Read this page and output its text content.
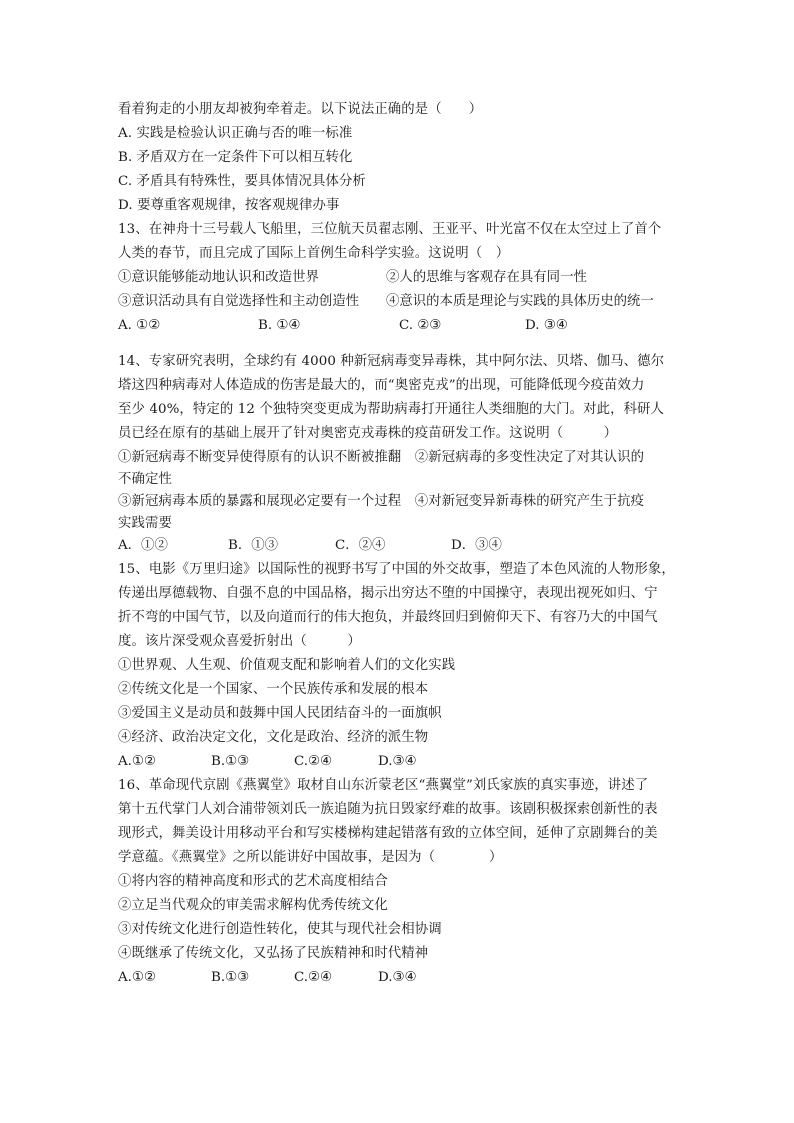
看着狗走的小朋友却被狗牵着走。以下说法正确的是（　　）
A. 实践是检验认识正确与否的唯一标准
B. 矛盾双方在一定条件下可以相互转化
C. 矛盾具有特殊性，要具体情况具体分析
D. 要尊重客观规律，按客观规律办事
13、在神舟十三号载人飞船里，三位航天员翟志刚、王亚平、叶光富不仅在太空过上了首个
人类的春节，而且完成了国际上首例生命科学实验。这说明（　）
①意识能够能动地认识和改造世界	②人的思维与客观存在具有同一性
③意识活动具有自觉选择性和主动创造性 ④意识的本质是理论与实践的具体历史的统一
A. ①②	B. ①④	C. ②③	D. ③④
14、专家研究表明，全球约有 4000 种新冠病毒变异毒株，其中阿尔法、贝塔、伽马、德尔
塔这四种病毒对人体造成的伤害是最大的，而“奥密克戎”的出现，可能降低现今疫苗效力
至少 40%，特定的 12 个独特突变更成为帮助病毒打开通往人类细胞的大门。对此，科研人
员已经在原有的基础上展开了针对奥密克戎毒株的疫苗研发工作。这说明（　　　）
①新冠病毒不断变异使得原有的认识不断被推翻　②新冠病毒的多变性决定了对其认识的
不确定性
③新冠病毒本质的暴露和展现必定要有一个过程　④对新冠变异新毒株的研究产生于抗疫
实践需要
A．①②	B．①③	C．②④	D．③④
15、电影《万里归途》以国际性的视野书写了中国的外交故事，塑造了本色风流的人物形象，
传递出厚德载物、自强不息的中国品格，揭示出穷达不堕的中国操守，表现出视死如归、宁
折不弯的中国气节，以及向道而行的伟大抱负，并最终回归到俯仰天下、有容乃大的中国气
度。该片深受观众喜爱折射出（　　　）
①世界观、人生观、价值观支配和影响着人们的文化实践
②传统文化是一个国家、一个民族传承和发展的根本
③爱国主义是动员和鼓舞中国人民团结奋斗的一面旗帜
④经济、政治决定文化，文化是政治、经济的派生物
A.①②	B.①③	C.②④	D.③④
16、革命现代京剧《燕翼堂》取材自山东沂蒙老区“燕翼堂”刘氏家族的真实事迹，讲述了
第十五代掌门人刘合浦带领刘氏一族追随为抗日毁家纾难的故事。该剧积极探索创新性的表
现形式，舞美设计用移动平台和写实楼梯构建起错落有致的立体空间，延伸了京剧舞台的美
学意蕴。《燕翼堂》之所以能讲好中国故事，是因为（　　　　）
①将内容的精神高度和形式的艺术高度相结合
②立足当代观众的审美需求解构优秀传统文化
③对传统文化进行创造性转化，使其与现代社会相协调
④既继承了传统文化，又弘扬了民族精神和时代精神
A.①②	B.①③	C.②④	D.③④
